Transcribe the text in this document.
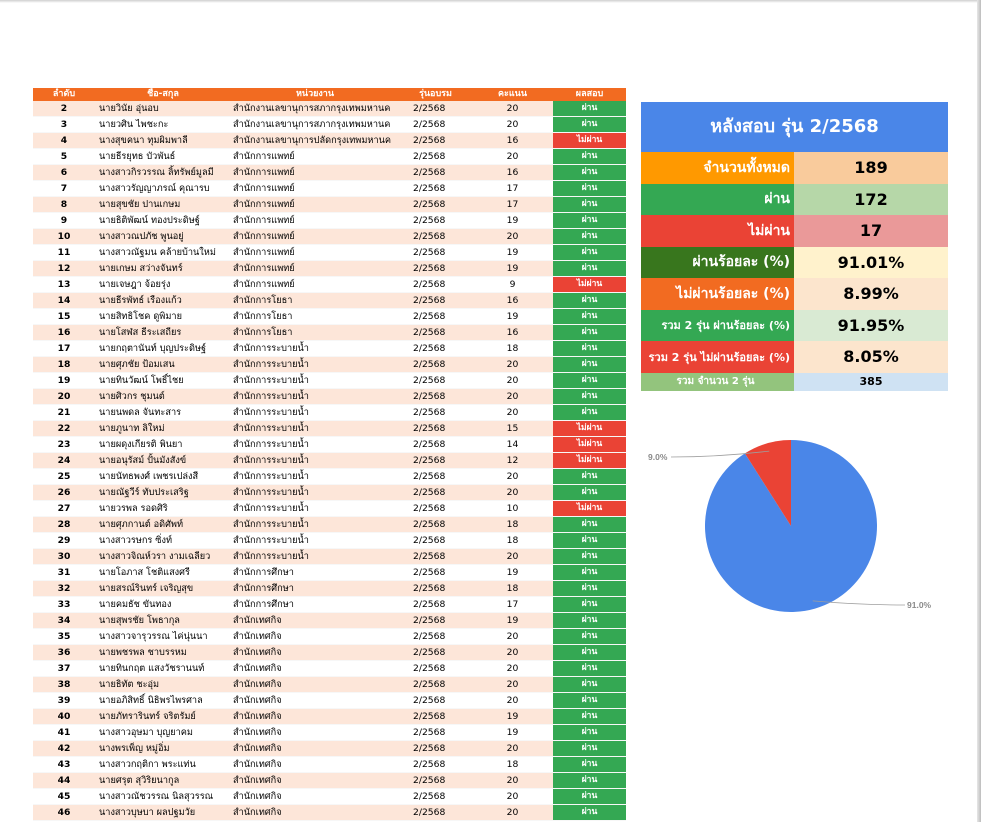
ลำดับ	ชื่อ-สกุล	หน่วยงาน	รุ่นอบรม	คะแนน	ผลสอบ
2	นายวินัย อุ่นอบ	สำนักงานเลขานุการสภากรุงเทพมหานค	2/2568	20	ผ่าน
3	นายวศิน ไพชะกะ	สำนักงานเลขานุการสภากรุงเทพมหานค	2/2568	20	ผ่าน
4	นางสุขคนา ทุมผิมพาลี	สำนักงานเลขานุการปลัดกรุงเทพมหานค	2/2568	16	ไม่ผ่าน
5	นายธีรยุทธ บัวพันธ์	สำนักการแพทย์	2/2568	20	ผ่าน
6	นางสาวกิรวรรณ ลิ้ทรัพย์มูลมี	สำนักการแพทย์	2/2568	16	ผ่าน
7	นางสาวรัญญาภรณ์ คุณารบ	สำนักการแพทย์	2/2568	17	ผ่าน
8	นายสุขชัย ปานเกษม	สำนักการแพทย์	2/2568	17	ผ่าน
9	นายธิติพัฒน์ ทองประดิษฐ์	สำนักการแพทย์	2/2568	19	ผ่าน
10	นางสาวณปภัช พูนอยู่	สำนักการแพทย์	2/2568	20	ผ่าน
11	นางสาวณัฐมน คล้ายบ้านใหม่	สำนักการแพทย์	2/2568	19	ผ่าน
12	นายเกษม สว่างจันทร์	สำนักการแพทย์	2/2568	19	ผ่าน
13	นายเจษฎา จ้อยรุ่ง	สำนักการแพทย์	2/2568	9	ไม่ผ่าน
14	นายธีรพัทธ์ เรืองแก้ว	สำนักการโยธา	2/2568	16	ผ่าน
15	นายสิทธิโชค ดูพิมาย	สำนักการโยธา	2/2568	19	ผ่าน
16	นายโสฬส ธีระเสถียร	สำนักการโยธา	2/2568	16	ผ่าน
17	นายกฤตานันท์ บุญประดิษฐ์	สำนักการระบายน้ำ	2/2568	18	ผ่าน
18	นายศุภชัย ป้อมเสน	สำนักการระบายน้ำ	2/2568	20	ผ่าน
19	นายทินวัฒน์ โพธิ์ไชย	สำนักการระบายน้ำ	2/2568	20	ผ่าน
20	นายศิวกร ชุมนต์	สำนักการระบายน้ำ	2/2568	20	ผ่าน
21	นายนพดล จันทะสาร	สำนักการระบายน้ำ	2/2568	20	ผ่าน
22	นายภูนาท ลิใหม่	สำนักการระบายน้ำ	2/2568	15	ไม่ผ่าน
23	นายผดุงเกียรติ พินยา	สำนักการระบายน้ำ	2/2568	14	ไม่ผ่าน
24	นายอนุรัสม์ ปั้นมังสังข์	สำนักการระบายน้ำ	2/2568	12	ไม่ผ่าน
25	นายนัทธพงศ์ เพชรเปล่งสี	สำนักการระบายน้ำ	2/2568	20	ผ่าน
26	นายณัฐวีร์ ทับประเสริฐ	สำนักการระบายน้ำ	2/2568	20	ผ่าน
27	นายวรพล รอดศิริ	สำนักการระบายน้ำ	2/2568	10	ไม่ผ่าน
28	นายศุภกานต์ อดิศัพท์	สำนักการระบายน้ำ	2/2568	18	ผ่าน
29	นางสาวรษกร ซิ่งท์	สำนักการระบายน้ำ	2/2568	18	ผ่าน
30	นางสาวจิณห์วรา งามเฉลียว	สำนักการระบายน้ำ	2/2568	20	ผ่าน
31	นายโอภาส โชติแสงศรี	สำนักการศึกษา	2/2568	19	ผ่าน
32	นายสรณ์รินทร์ เจริญสุข	สำนักการศึกษา	2/2568	18	ผ่าน
33	นายคมธัช ขันทอง	สำนักการศึกษา	2/2568	17	ผ่าน
34	นายสุพรชัย โพธากุล	สำนักเทศกิจ	2/2568	19	ผ่าน
35	นางสาวจารุวรรณ ไค่นุ่นนา	สำนักเทศกิจ	2/2568	20	ผ่าน
36	นายพชรพล ชาบรรหม	สำนักเทศกิจ	2/2568	20	ผ่าน
37	นายทินกฤต แสงวัชรานนท์	สำนักเทศกิจ	2/2568	20	ผ่าน
38	นายธิทัต ชะอุ่ม	สำนักเทศกิจ	2/2568	20	ผ่าน
39	นายอภิสิทธิ์ นิธิพรไพรศาล	สำนักเทศกิจ	2/2568	20	ผ่าน
40	นายภัทรารินทร์ จริตรัมย์	สำนักเทศกิจ	2/2568	19	ผ่าน
41	นางสาวอุษมา บุญยาคม	สำนักเทศกิจ	2/2568	19	ผ่าน
42	นางพรเพ็ญ หมู่อิ่ม	สำนักเทศกิจ	2/2568	20	ผ่าน
43	นางสาวกฤติกา พระแท่น	สำนักเทศกิจ	2/2568	18	ผ่าน
44	นายศรุต สุวิริยนากูล	สำนักเทศกิจ	2/2568	20	ผ่าน
45	นางสาวณัชวรรณ นิลสุวรรณ	สำนักเทศกิจ	2/2568	20	ผ่าน
46	นางสาวบุษบา ผลปฐมวัย	สำนักเทศกิจ	2/2568	20	ผ่าน
หลังสอบ รุ่น 2/2568
จำนวนทั้งหมด	189
ผ่าน	172
ไม่ผ่าน	17
ผ่านร้อยละ (%)	91.01%
ไม่ผ่านร้อยละ (%)	8.99%
รวม 2 รุ่น ผ่านร้อยละ (%)	91.95%
รวม 2 รุ่น ไม่ผ่านร้อยละ (%)	8.05%
รวม จำนวน 2 รุ่น	385
91.0%
9.0%
